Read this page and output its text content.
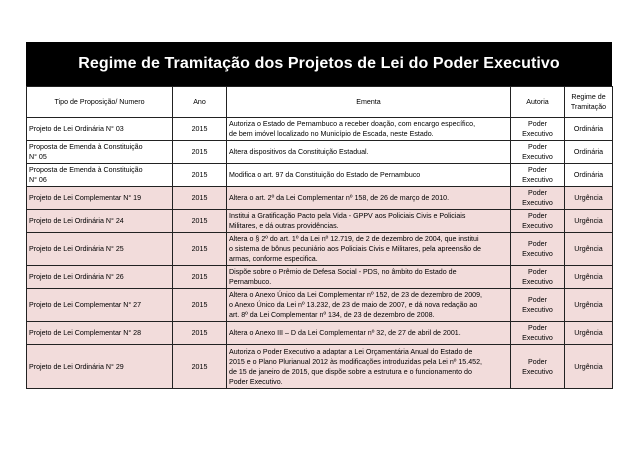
Regime de Tramitação dos Projetos de Lei do Poder Executivo
Tipo de Proposição/ Numero	Ano	Ementa	Autoria	Regime de
Tramitação
Projeto de Lei Ordinária N° 03	2015	Autoriza o Estado de Pernambuco a receber doação, com encargo específico,
de bem imóvel localizado no Município de Escada, neste Estado.	Poder
Executivo	Ordinária
Proposta de Emenda à Constituição
N° 05	2015	Altera dispositivos da Constituição Estadual.	Poder
Executivo	Ordinária
Proposta de Emenda à Constituição
N° 06	2015	Modifica o art. 97 da Constituição do Estado de Pernambuco	Poder
Executivo	Ordinária
Projeto de Lei Complementar N° 19	2015	Altera o art. 2º da Lei Complementar nº 158, de 26 de março de 2010.	Poder
Executivo	Urgência
Projeto de Lei Ordinária N° 24	2015	Institui a Gratificação Pacto pela Vida - GPPV aos Policiais Civis e Policiais
Militares, e dá outras providências.	Poder
Executivo	Urgência
Projeto de Lei Ordinária N° 25	2015	Altera o § 2º do art. 1º da Lei nº 12.719, de 2 de dezembro de 2004, que institui
o sistema de bônus pecuniário aos Policiais Civis e Militares, pela apreensão de
armas, conforme especifica.	Poder
Executivo	Urgência
Projeto de Lei Ordinária N° 26	2015	Dispõe sobre o Prêmio de Defesa Social - PDS, no âmbito do Estado de
Pernambuco.	Poder
Executivo	Urgência
Projeto de Lei Complementar N° 27	2015	Altera o Anexo Único da Lei Complementar nº 152, de 23 de dezembro de 2009,
o Anexo Único da Lei nº 13.232, de 23 de maio de 2007, e dá nova redação ao
art. 8º da Lei Complementar nº 134, de 23 de dezembro de 2008.	Poder
Executivo	Urgência
Projeto de Lei Complementar N° 28	2015	Altera o Anexo III – D da Lei Complementar nº 32, de 27 de abril de 2001.	Poder
Executivo	Urgência
Projeto de Lei Ordinária N° 29	2015	Autoriza o Poder Executivo a adaptar a Lei Orçamentária Anual do Estado de
2015 e o Plano Plurianual 2012 às modificações introduzidas pela Lei nº 15.452,
de 15 de janeiro de 2015, que dispõe sobre a estrutura e o funcionamento do
Poder Executivo.	Poder
Executivo	Urgência
